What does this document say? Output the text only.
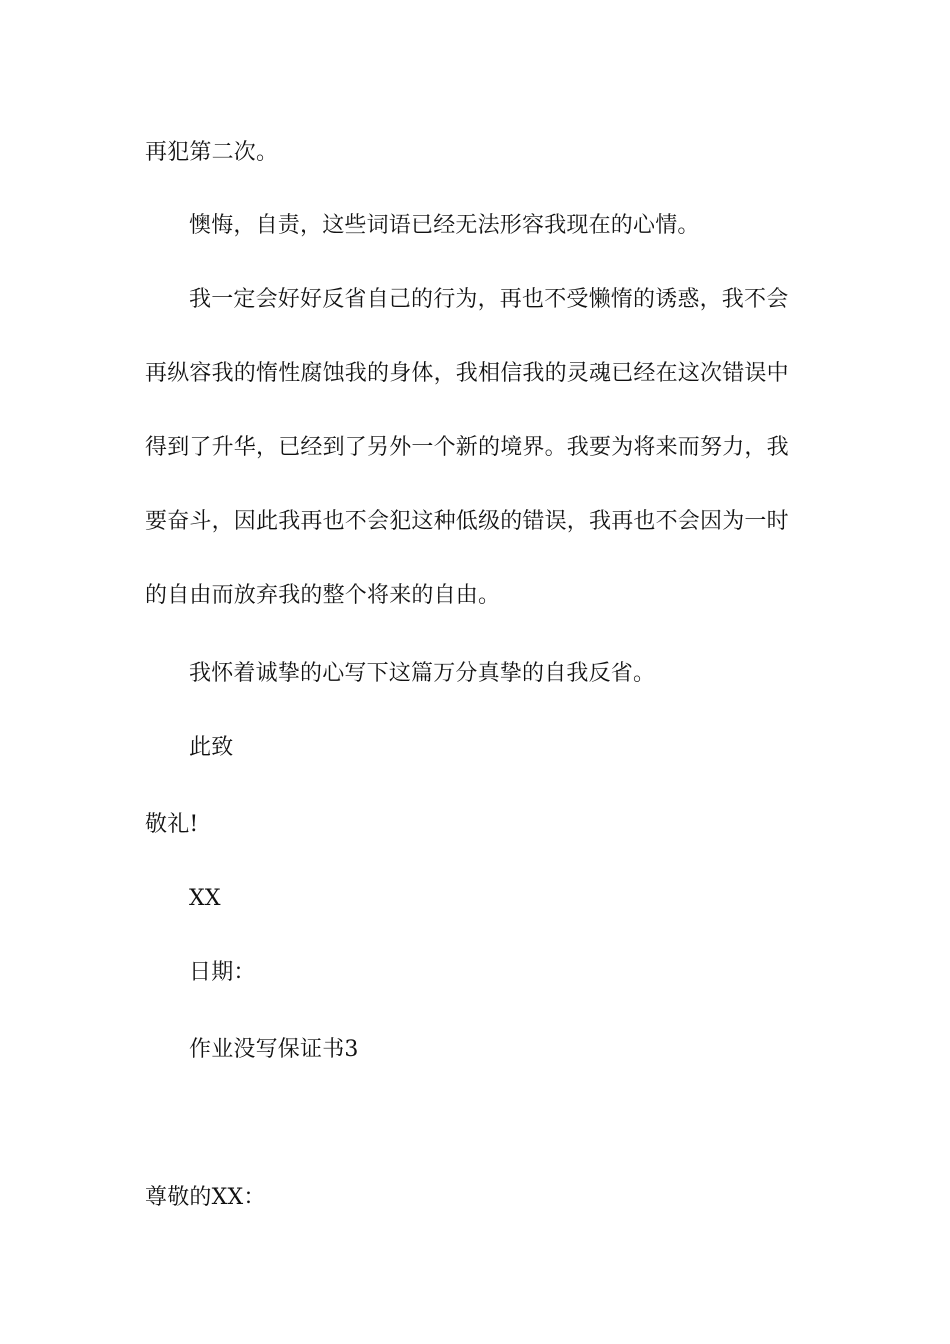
再犯第二次。
懊悔，自责，这些词语已经无法形容我现在的心情。
我一定会好好反省自己的行为，再也不受懒惰的诱惑，我不会
再纵容我的惰性腐蚀我的身体，我相信我的灵魂已经在这次错误中
得到了升华，已经到了另外一个新的境界。我要为将来而努力，我
要奋斗，因此我再也不会犯这种低级的错误，我再也不会因为一时
的自由而放弃我的整个将来的自由。
我怀着诚挚的心写下这篇万分真挚的自我反省。
此致
敬礼!
XX
日期：
作业没写保证书3
尊敬的XX：
